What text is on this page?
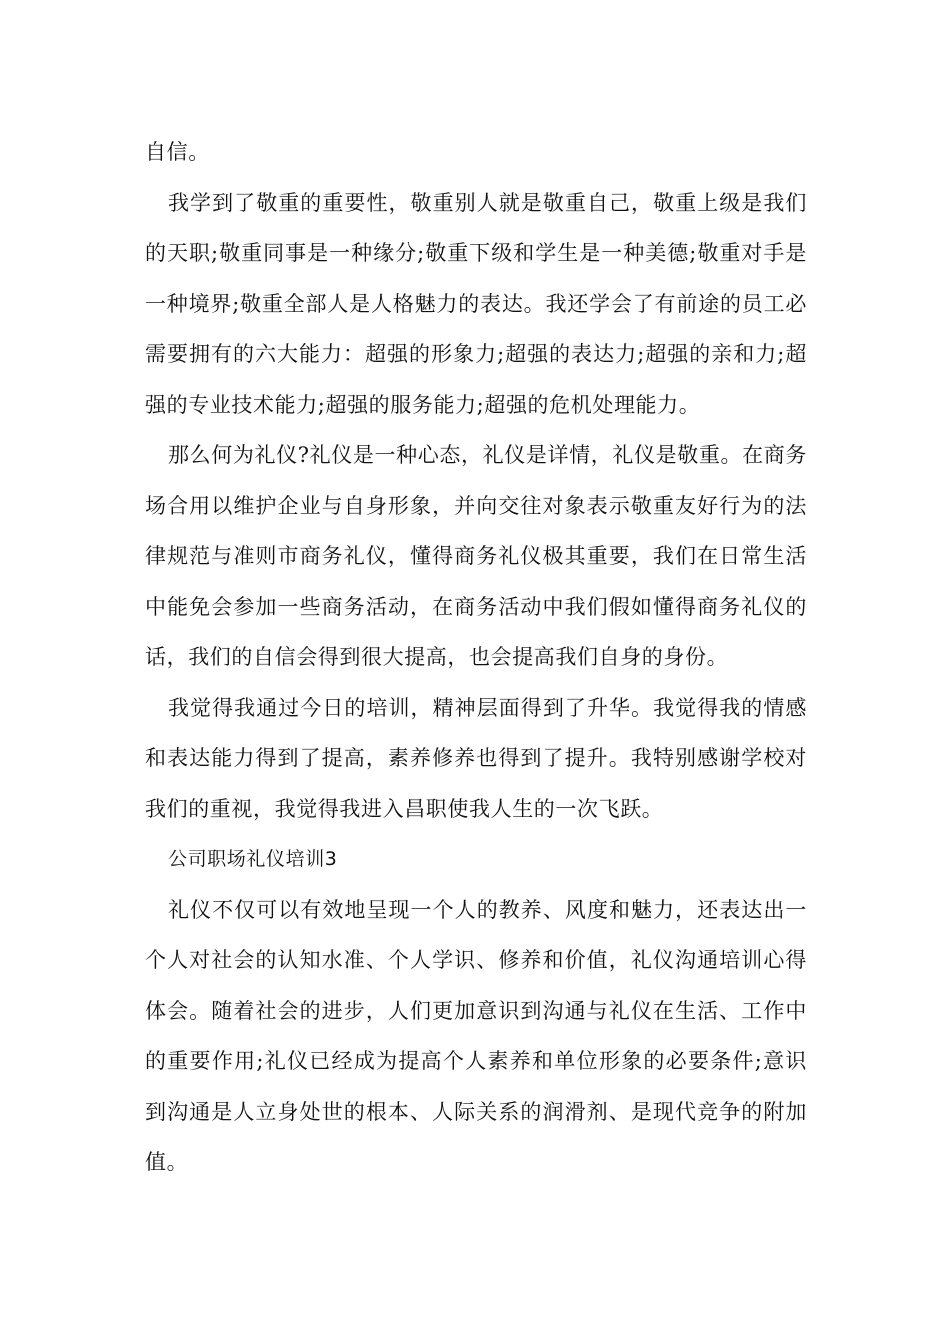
自信。

我学到了敬重的重要性，敬重别人就是敬重自己，敬重上级是我们的天职;敬重同事是一种缘分;敬重下级和学生是一种美德;敬重对手是一种境界;敬重全部人是人格魅力的表达。我还学会了有前途的员工必需要拥有的六大能力：超强的形象力;超强的表达力;超强的亲和力;超强的专业技术能力;超强的服务能力;超强的危机处理能力。

那么何为礼仪?礼仪是一种心态，礼仪是详情，礼仪是敬重。在商务场合用以维护企业与自身形象，并向交往对象表示敬重友好行为的法律规范与准则市商务礼仪，懂得商务礼仪极其重要，我们在日常生活中能免会参加一些商务活动，在商务活动中我们假如懂得商务礼仪的话，我们的自信会得到很大提高，也会提高我们自身的身份。

我觉得我通过今日的培训，精神层面得到了升华。我觉得我的情感和表达能力得到了提高，素养修养也得到了提升。我特别感谢学校对我们的重视，我觉得我进入昌职使我人生的一次飞跃。

公司职场礼仪培训3

礼仪不仅可以有效地呈现一个人的教养、风度和魅力，还表达出一个人对社会的认知水准、个人学识、修养和价值，礼仪沟通培训心得体会。随着社会的进步，人们更加意识到沟通与礼仪在生活、工作中的重要作用;礼仪已经成为提高个人素养和单位形象的必要条件;意识到沟通是人立身处世的根本、人际关系的润滑剂、是现代竞争的附加值。
